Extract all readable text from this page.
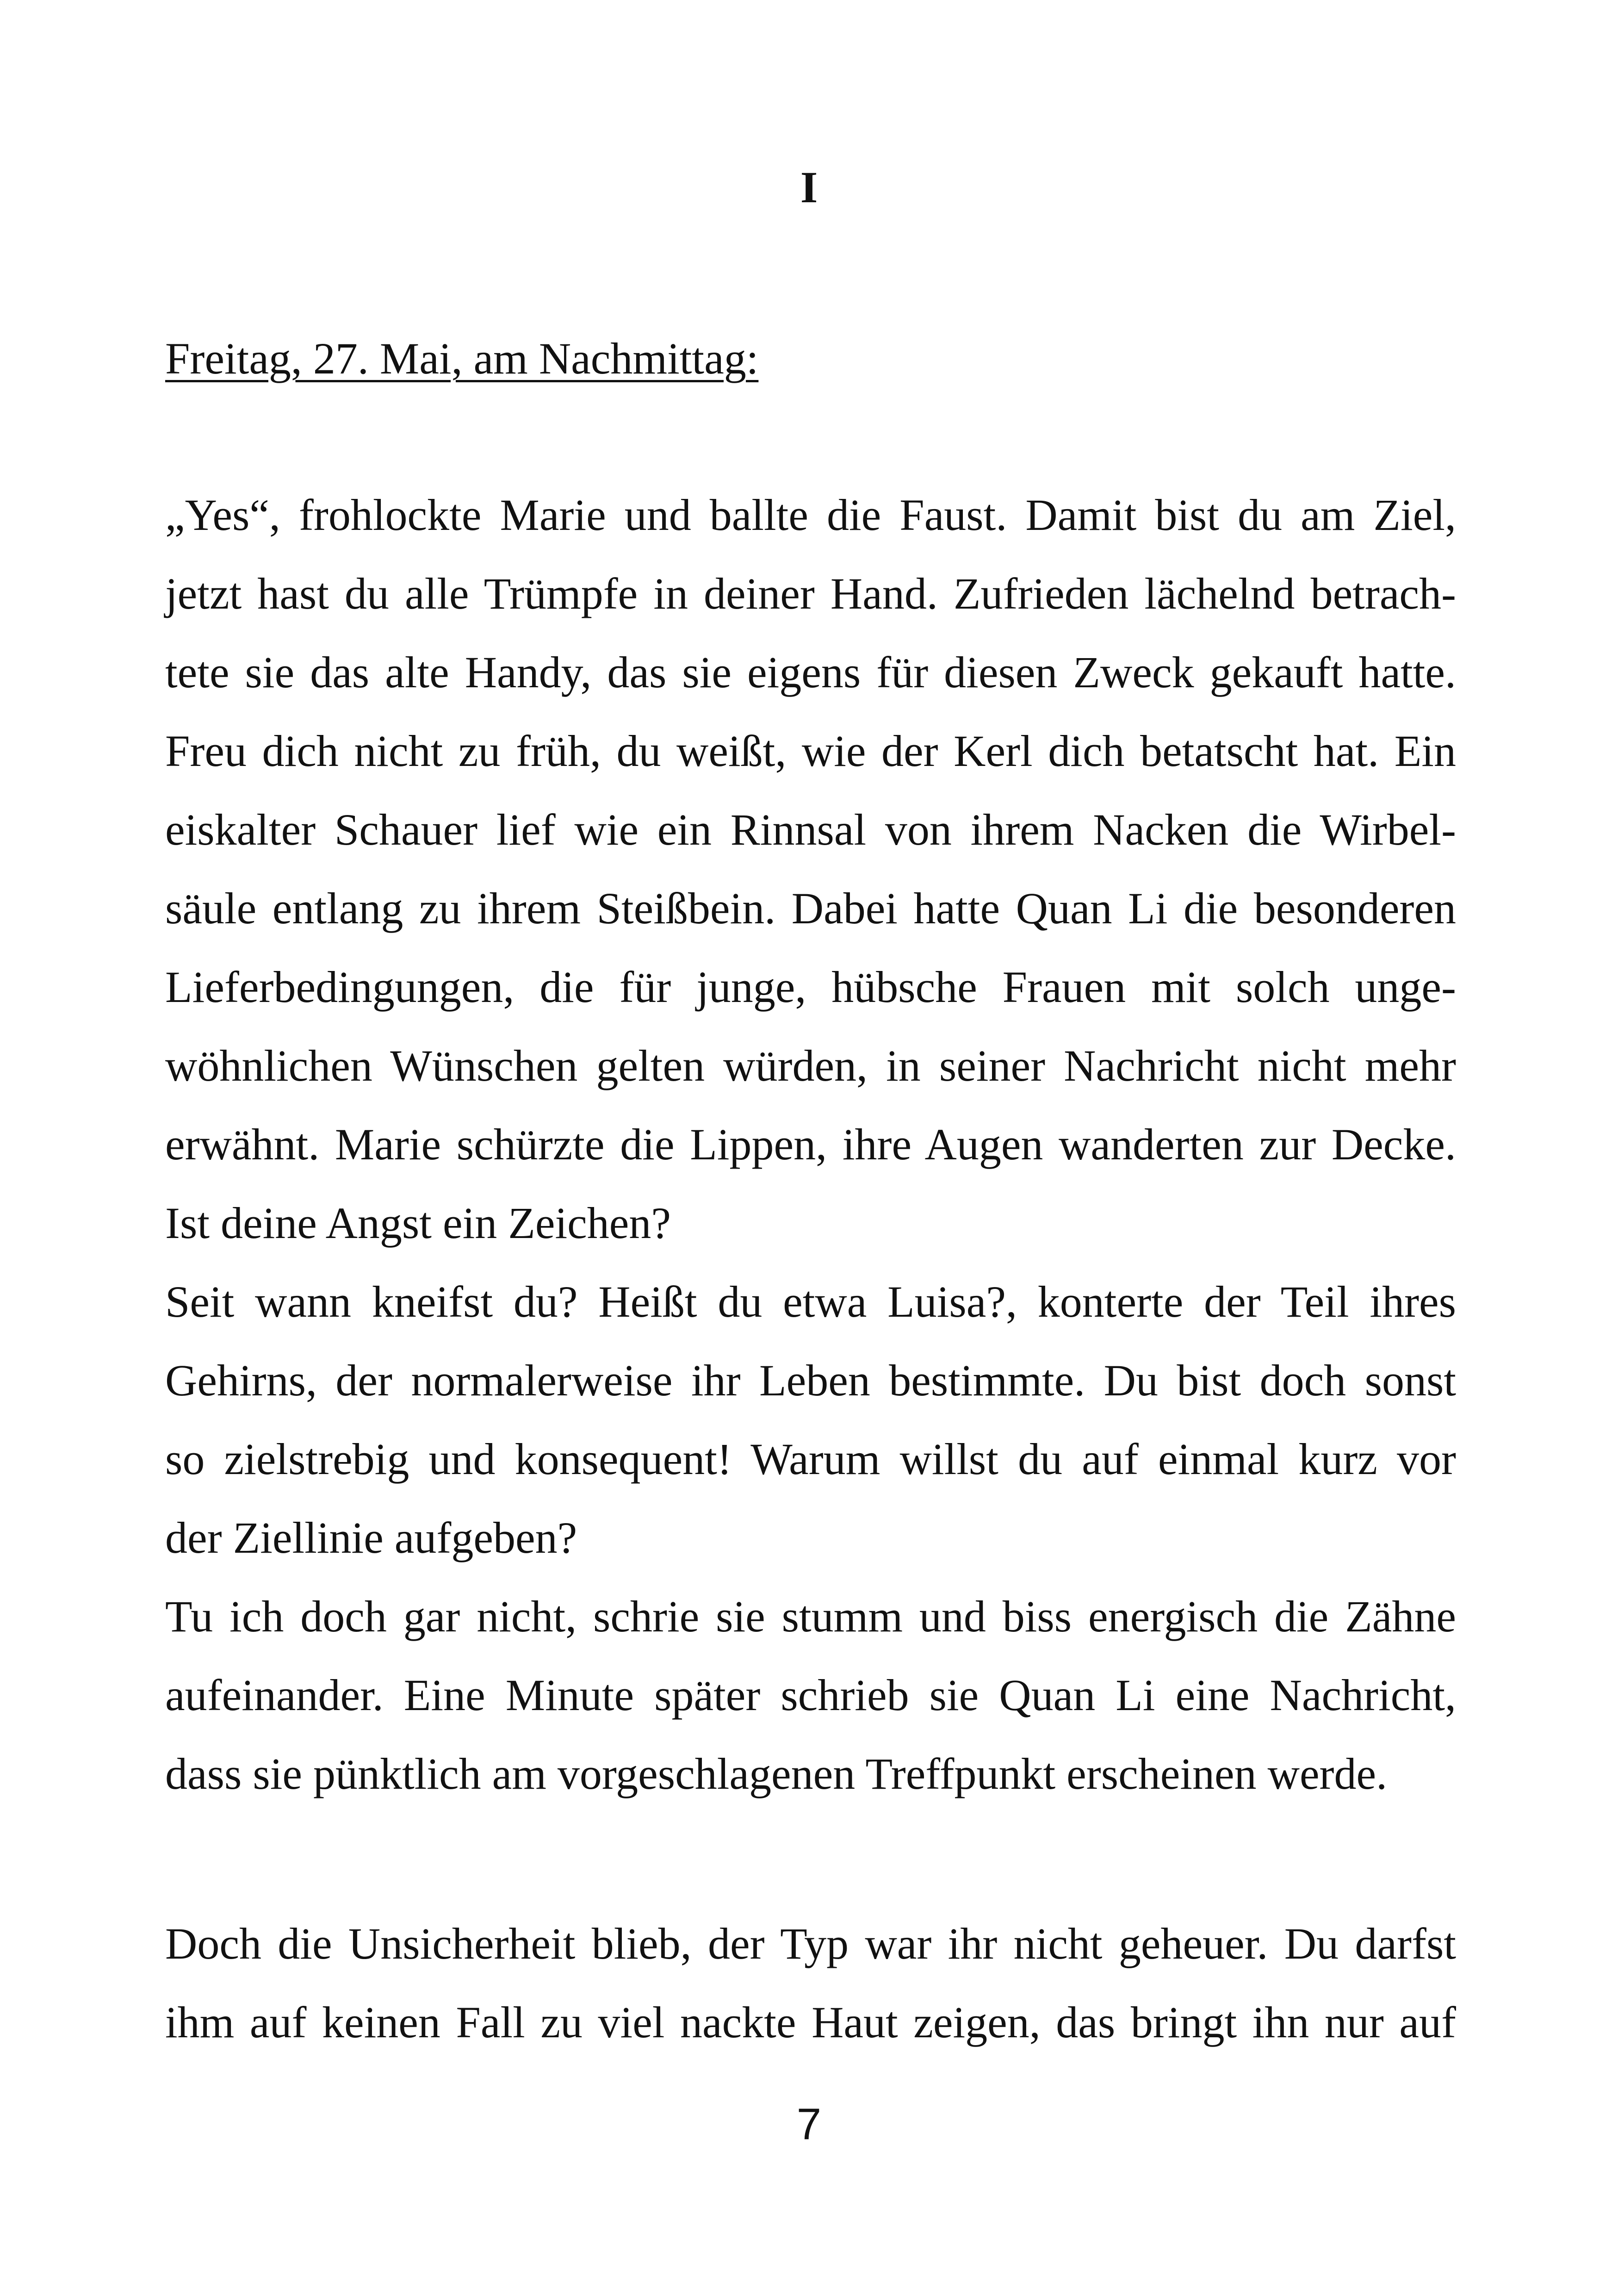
I
Freitag, 27. Mai, am Nachmittag:
„Yes“, frohlockte Marie und ballte die Faust. Damit bist du am Ziel,
jetzt hast du alle Trümpfe in deiner Hand. Zufrieden lächelnd betrach-
tete sie das alte Handy, das sie eigens für diesen Zweck gekauft hatte.
Freu dich nicht zu früh, du weißt, wie der Kerl dich betatscht hat. Ein
eiskalter Schauer lief wie ein Rinnsal von ihrem Nacken die Wirbel-
säule entlang zu ihrem Steißbein. Dabei hatte Quan Li die besonderen
Lieferbedingungen, die für junge, hübsche Frauen mit solch unge-
wöhnlichen Wünschen gelten würden, in seiner Nachricht nicht mehr
erwähnt. Marie schürzte die Lippen, ihre Augen wanderten zur Decke.
Ist deine Angst ein Zeichen?
Seit wann kneifst du? Heißt du etwa Luisa?, konterte der Teil ihres
Gehirns, der normalerweise ihr Leben bestimmte. Du bist doch sonst
so zielstrebig und konsequent! Warum willst du auf einmal kurz vor
der Ziellinie aufgeben?
Tu ich doch gar nicht, schrie sie stumm und biss energisch die Zähne
aufeinander. Eine Minute später schrieb sie Quan Li eine Nachricht,
dass sie pünktlich am vorgeschlagenen Treffpunkt erscheinen werde.
Doch die Unsicherheit blieb, der Typ war ihr nicht geheuer. Du darfst
ihm auf keinen Fall zu viel nackte Haut zeigen, das bringt ihn nur auf
7
